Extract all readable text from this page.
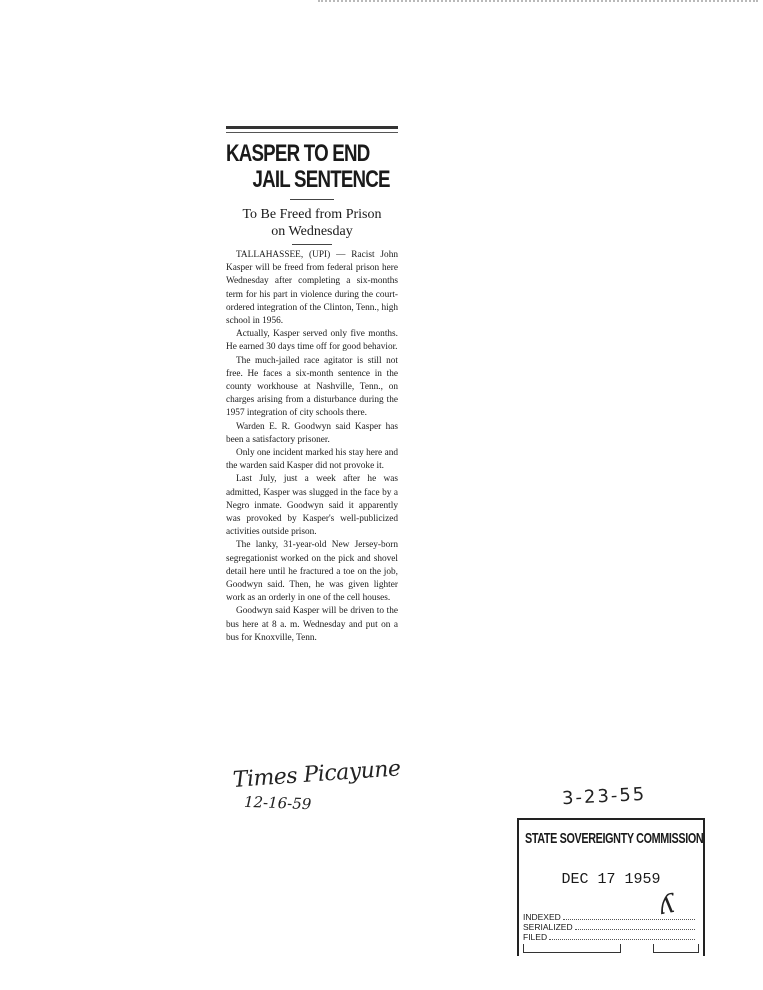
KASPER TO END
JAIL SENTENCE
To Be Freed from Prison
on Wednesday

TALLAHASSEE, (UPI) — Racist John Kasper will be freed from federal prison here Wednesday after completing a six-months term for his part in violence during the court-ordered integration of the Clinton, Tenn., high school in 1956.

Actually, Kasper served only five months. He earned 30 days time off for good behavior.

The much-jailed race agitator is still not free. He faces a six-month sentence in the county workhouse at Nashville, Tenn., on charges arising from a disturbance during the 1957 integration of city schools there.

Warden E. R. Goodwyn said Kasper has been a satisfactory prisoner.

Only one incident marked his stay here and the warden said Kasper did not provoke it.

Last July, just a week after he was admitted, Kasper was slugged in the face by a Negro inmate. Goodwyn said it apparently was provoked by Kasper's well-publicized activities outside prison.

The lanky, 31-year-old New Jersey-born segregationist worked on the pick and shovel detail here until he fractured a toe on the job, Goodwyn said. Then, he was given lighter work as an orderly in one of the cell houses.

Goodwyn said Kasper will be driven to the bus here at 8 a. m. Wednesday and put on a bus for Knoxville, Tenn.

Times Picayune
12-16-59	3-23-55
STATE SOVEREIGNTY COMMISSION
DEC 17 1959
INDEXED
SERIALIZED
FILED
ʎ
